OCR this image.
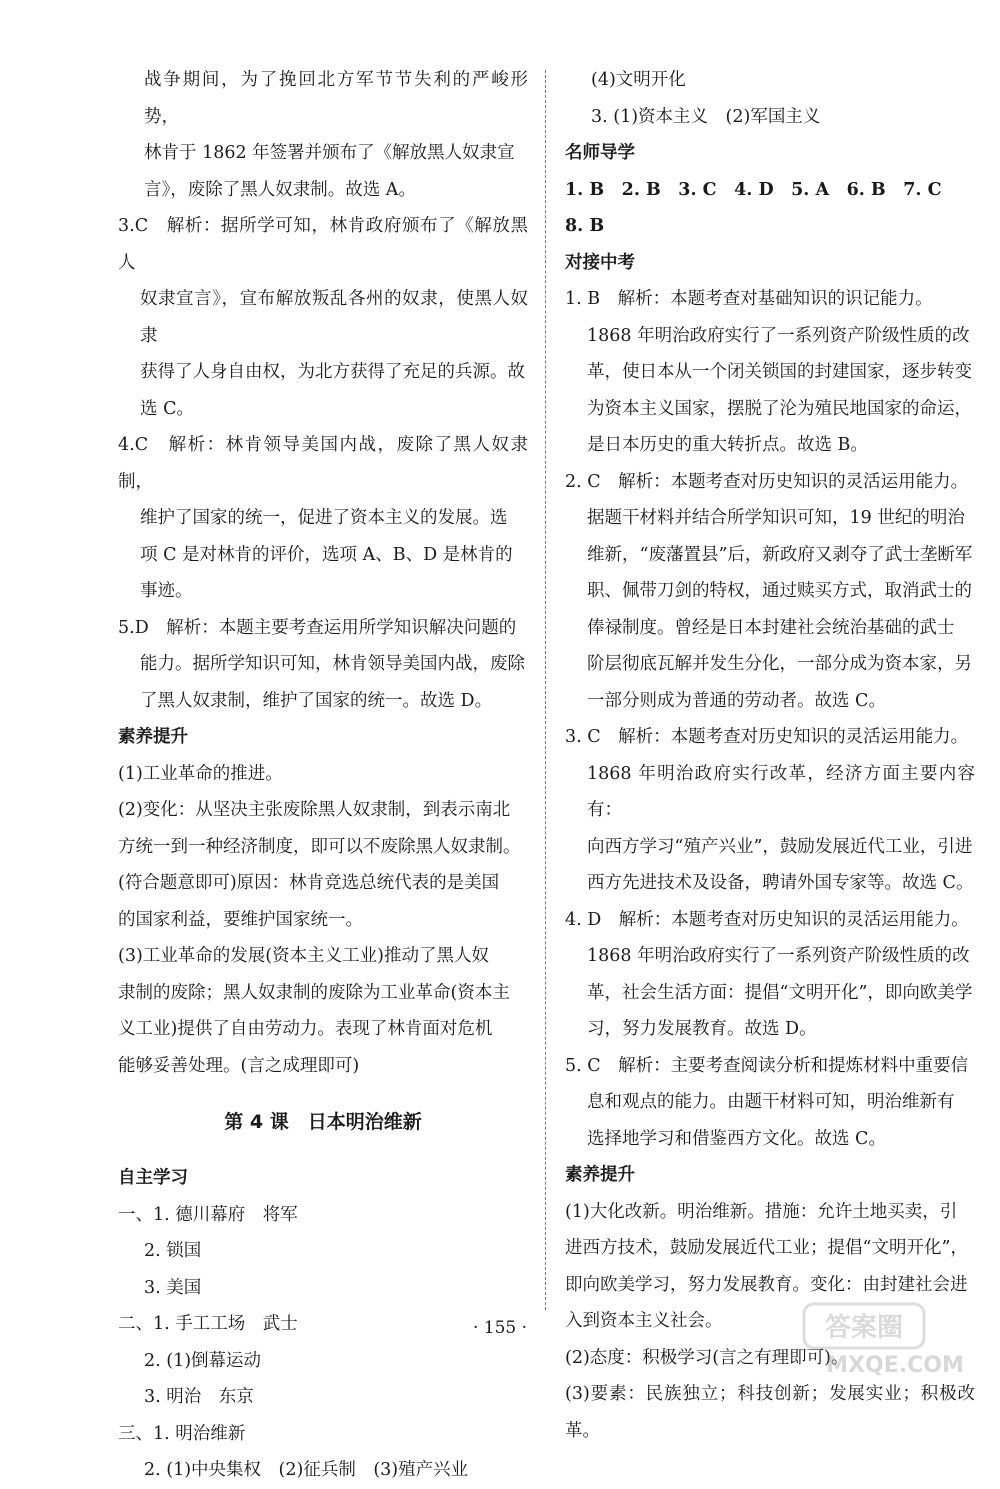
战争期间，为了挽回北方军节节失利的严峻形势，
林肯于 1862 年签署并颁布了《解放黑人奴隶宣
言》，废除了黑人奴隶制。故选 A。
3.C　解析：据所学可知，林肯政府颁布了《解放黑人
奴隶宣言》，宣布解放叛乱各州的奴隶，使黑人奴隶
获得了人身自由权，为北方获得了充足的兵源。故
选 C。
4.C　解析：林肯领导美国内战，废除了黑人奴隶制，
维护了国家的统一，促进了资本主义的发展。选
项 C 是对林肯的评价，选项 A、B、D 是林肯的
事迹。
5.D　解析：本题主要考查运用所学知识解决问题的
能力。据所学知识可知，林肯领导美国内战，废除
了黑人奴隶制，维护了国家的统一。故选 D。
素养提升
(1)工业革命的推进。
(2)变化：从坚决主张废除黑人奴隶制，到表示南北
方统一到一种经济制度，即可以不废除黑人奴隶制。
(符合题意即可)原因：林肯竞选总统代表的是美国
的国家利益，要维护国家统一。
(3)工业革命的发展(资本主义工业)推动了黑人奴
隶制的废除；黑人奴隶制的废除为工业革命(资本主
义工业)提供了自由劳动力。表现了林肯面对危机
能够妥善处理。(言之成理即可)
第 4 课　日本明治维新
自主学习
一、1. 德川幕府　将军
2. 锁国
3. 美国
二、1. 手工工场　武士
2. (1)倒幕运动
3. 明治　东京
三、1. 明治维新
2. (1)中央集权　(2)征兵制　(3)殖产兴业
(4)文明开化
3. (1)资本主义　(2)军国主义
名师导学
1. B　2. B　3. C　4. D　5. A　6. B　7. C　8. B
对接中考
1. B　解析：本题考查对基础知识的识记能力。
1868 年明治政府实行了一系列资产阶级性质的改
革，使日本从一个闭关锁国的封建国家，逐步转变
为资本主义国家，摆脱了沦为殖民地国家的命运，
是日本历史的重大转折点。故选 B。
2. C　解析：本题考查对历史知识的灵活运用能力。
据题干材料并结合所学知识可知，19 世纪的明治
维新，“废藩置县”后，新政府又剥夺了武士垄断军
职、佩带刀剑的特权，通过赎买方式，取消武士的
俸禄制度。曾经是日本封建社会统治基础的武士
阶层彻底瓦解并发生分化，一部分成为资本家，另
一部分则成为普通的劳动者。故选 C。
3. C　解析：本题考查对历史知识的灵活运用能力。
1868 年明治政府实行改革，经济方面主要内容有：
向西方学习“殖产兴业”，鼓励发展近代工业，引进
西方先进技术及设备，聘请外国专家等。故选 C。
4. D　解析：本题考查对历史知识的灵活运用能力。
1868 年明治政府实行了一系列资产阶级性质的改
革，社会生活方面：提倡“文明开化”，即向欧美学
习，努力发展教育。故选 D。
5. C　解析：主要考查阅读分析和提炼材料中重要信
息和观点的能力。由题干材料可知，明治维新有
选择地学习和借鉴西方文化。故选 C。
素养提升
(1)大化改新。明治维新。措施：允许土地买卖，引
进西方技术，鼓励发展近代工业；提倡“文明开化”，
即向欧美学习，努力发展教育。变化：由封建社会进
入到资本主义社会。
(2)态度：积极学习(言之有理即可)。
(3)要素：民族独立；科技创新；发展实业；积极改革。
· 155 ·	答案圈
MXQE.COM
